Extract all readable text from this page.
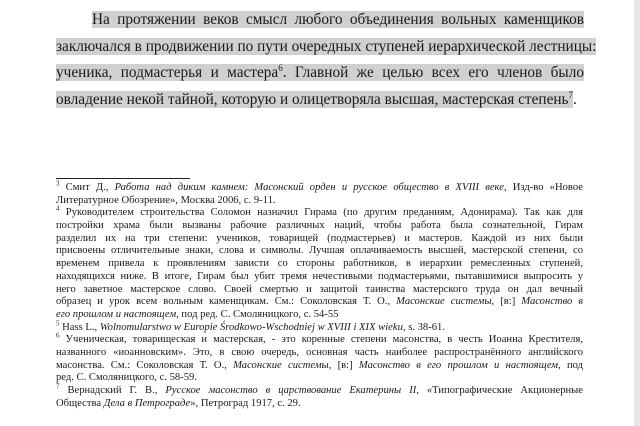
На протяжении веков смысл любого объединения вольных каменщиков
заключался в продвижении по пути очередных ступеней иерархической лестницы:
ученика, подмастерья и мастера$^6$. Главной же целью всех его членов было
овладение некой тайной, которую и олицетворяла высшая, мастерская степень$^7$.
$^3$ Смит Д., Работа над диким камнем: Масонский орден и русское общество в XVIII веке, Изд-во «Новое
Литературное Обозрение», Москва 2006, с. 9-11.
$^4$ Руководителем строительства Соломон назначил Гирама (по другим преданиям, Адонирама). Так как для
постройки храма были вызваны рабочие различных наций, чтобы работа была сознательной, Гирам
разделил их на три степени: учеников, товарищей (подмастерьев) и мастеров. Каждой из них были
присвоены отличительные знаки, слова и символы. Лучшая оплачиваемость высшей, мастерской степени, со
временем привела к проявлениям зависти со стороны работников, в иерархии ремесленных ступеней,
находящихся ниже. В итоге, Гирам был убит тремя нечестивыми подмастерьями, пытавшимися выпросить у
него заветное мастерское слово. Своей смертью и защитой таинства мастерского труда он дал вечный
образец и урок всем вольным каменщикам. См.: Соколовская Т. О., Масонские системы, [в:] Масонство в
его прошлом и настоящем, под ред. С. Смоляницкого, с. 54-55
$^5$ Hass L., Wolnomularstwo w Europie Środkowo-Wschodniej w XVIII i XIX wieku, s. 38-61.
$^6$ Ученическая, товарищеская и мастерская, - это коренные степени масонства, в честь Иоанна Крестителя,
названного «иоанновским». Это, в свою очередь, основная часть наиболее распространённого английского
масонства. См.: Соколовская Т. О., Масонские системы, [в:] Масонство в его прошлом и настоящем, под
ред. С. Смоляницкого, с. 58-59.
$^7$ Вернадский Г. В., Русское масонство в царствование Екатерины II, «Типографические Акционерные
Общества Дела в Петрограде», Петроград 1917, с. 29.
